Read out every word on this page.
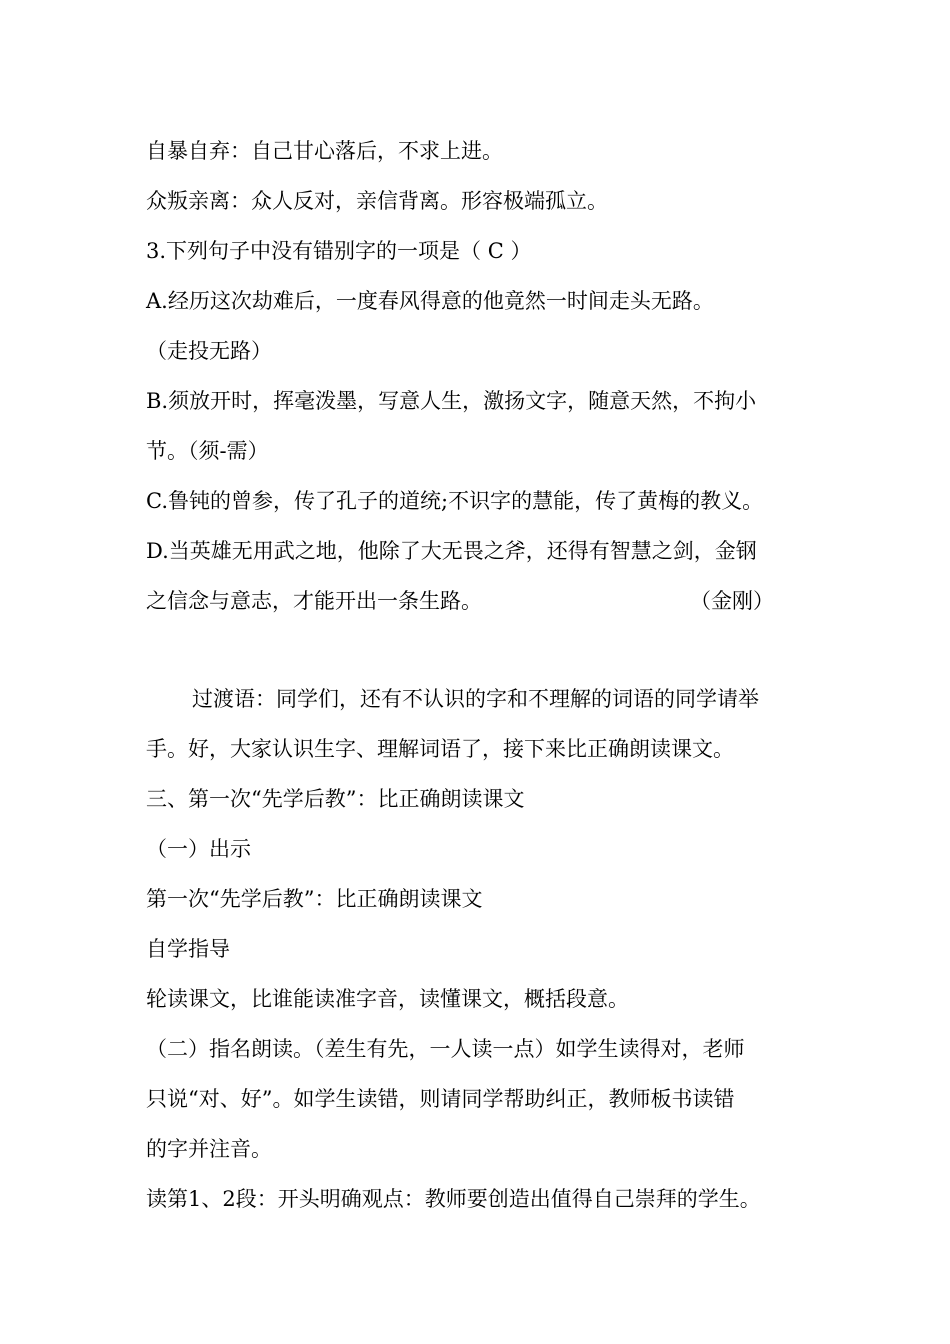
自暴自弃：自己甘心落后，不求上进。
众叛亲离：众人反对，亲信背离。形容极端孤立。
3.下列句子中没有错别字的一项是（ C ）
A.经历这次劫难后，一度春风得意的他竟然一时间走头无路。
（走投无路）
B.须放开时，挥毫泼墨，写意人生，激扬文字，随意天然，不拘小
节。（须-需）
C.鲁钝的曾参，传了孔子的道统;不识字的慧能，传了黄梅的教义。
D.当英雄无用武之地，他除了大无畏之斧，还得有智慧之剑，金钢
之信念与意志，才能开出一条生路。	（金刚）
过渡语：同学们，还有不认识的字和不理解的词语的同学请举
手。好，大家认识生字、理解词语了，接下来比正确朗读课文。
三、第一次“先学后教”：比正确朗读课文
（一）出示
第一次“先学后教”：比正确朗读课文
自学指导
轮读课文，比谁能读准字音，读懂课文，概括段意。
（二）指名朗读。（差生有先，一人读一点）如学生读得对，老师
只说“对、好”。如学生读错，则请同学帮助纠正，教师板书读错
的字并注音。
读第1、2段：开头明确观点：教师要创造出值得自己崇拜的学生。
